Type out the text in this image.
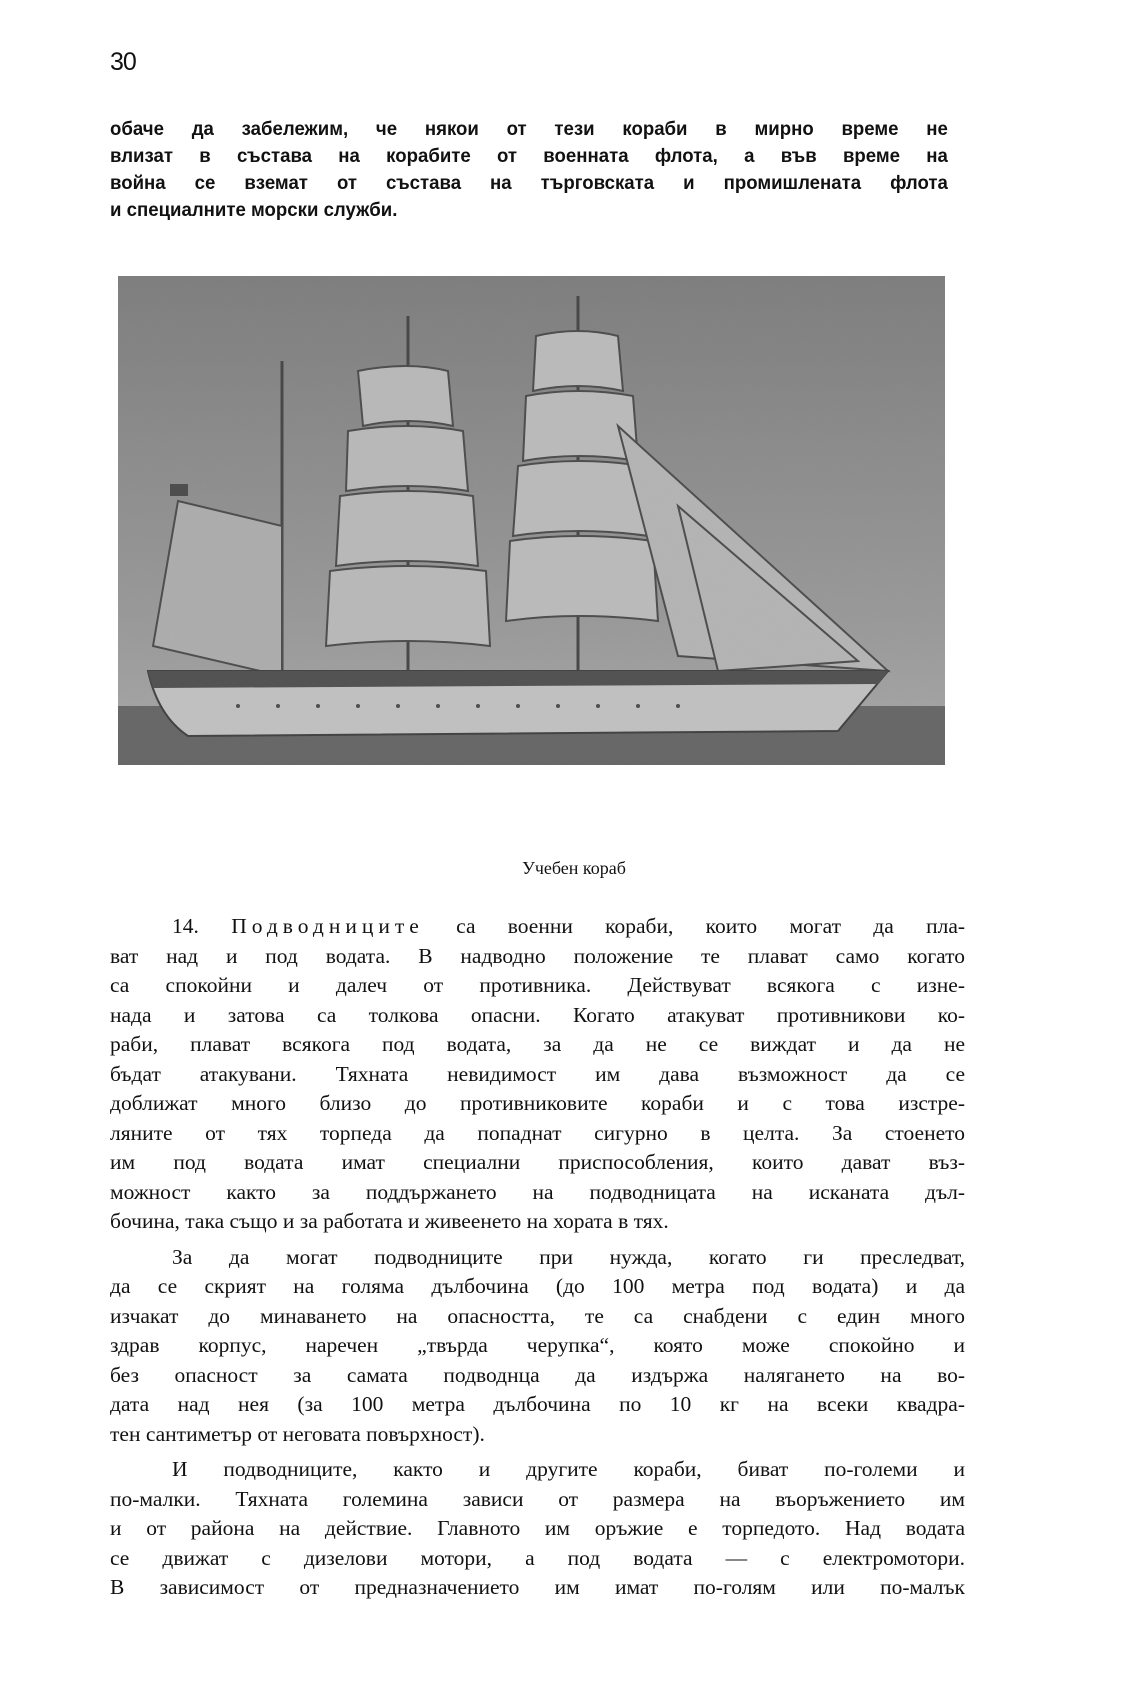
30
обаче да забележим, че някои от тези кораби в мирно време не
влизат в състава на корабите от военната флота, а във време на
война се вземат от състава на търговската и промишлената флота
и специалните морски служби.
Учебен кораб
14. Подводниците са военни кораби, които могат да пла-
ват над и под водата. В надводно положение те плават само когато
са спокойни и далеч от противника. Действуват всякога с изне-
нада и затова са толкова опасни. Когато атакуват противникови ко-
раби, плават всякога под водата, за да не се виждат и да не
бъдат атакувани. Тяхната невидимост им дава възможност да се
доближат много близо до противниковите кораби и с това изстре-
ляните от тях торпеда да попаднат сигурно в целта. За стоенето
им под водата имат специални приспособления, които дават въз-
можност както за поддържането на подводницата на исканата дъл-
бочина, така също и за работата и живеенето на хората в тях.
За да могат подводниците при нужда, когато ги преследват,
да се скрият на голяма дълбочина (до 100 метра под водата) и да
изчакат до минаването на опасността, те са снабдени с един много
здрав корпус, наречен „твърда черупка“, която може спокойно и
без опасност за самата подводнца да издържа налягането на во-
дата над нея (за 100 метра дълбочина по 10 кг на всеки квадра-
тен сантиметър от неговата повърхност).
И подводниците, както и другите кораби, биват по-големи и
по-малки. Тяхната големина зависи от размера на въоръжението им
и от района на действие. Главното им оръжие е торпедото. Над водата
се движат с дизелови мотори, а под водата — с електромотори.
В зависимост от предназначението им имат по-голям или по-малък
